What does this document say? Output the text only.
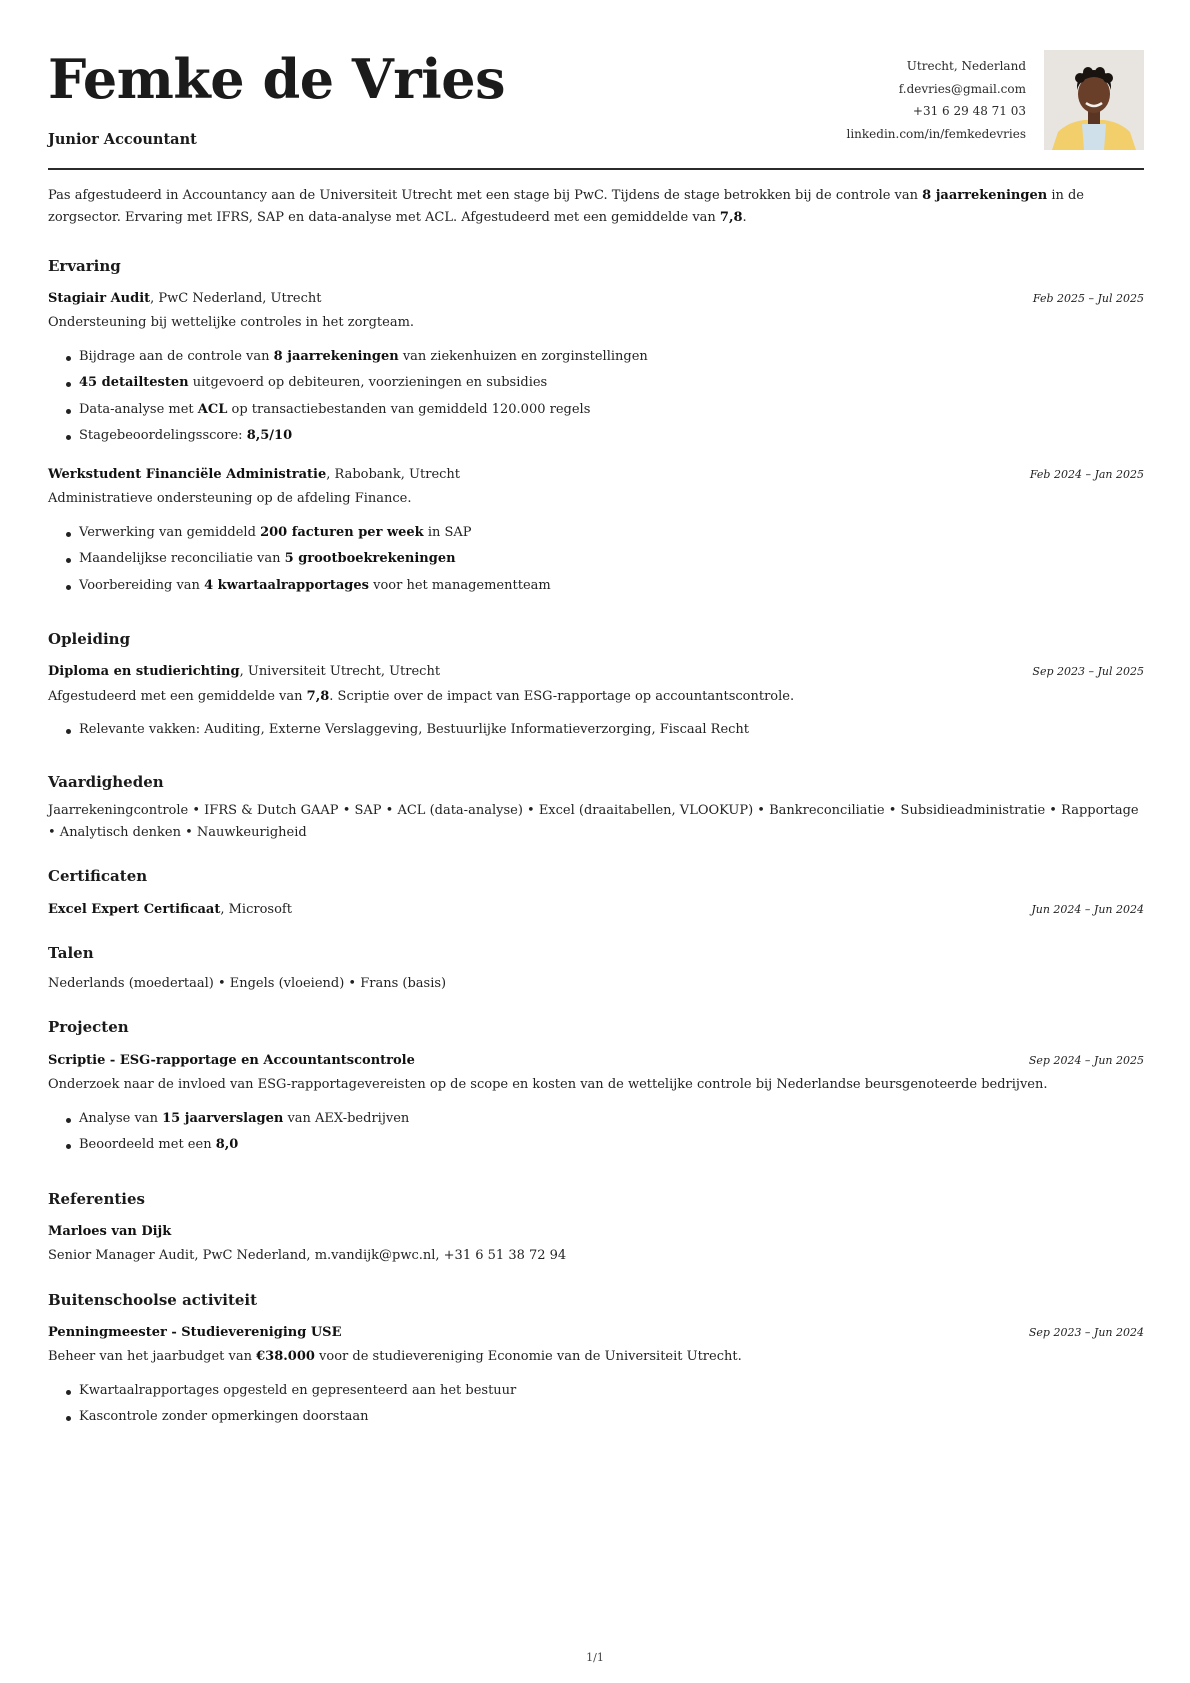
Femke de Vries
Junior Accountant
Utrecht, Nederland
f.devries@gmail.com
+31 6 29 48 71 03
linkedin.com/in/femkedevries

Pas afgestudeerd in Accountancy aan de Universiteit Utrecht met een stage bij PwC. Tijdens de stage betrokken bij de controle van 8 jaarrekeningen in de zorgsector. Ervaring met IFRS, SAP en data-analyse met ACL. Afgestudeerd met een gemiddelde van 7,8.

Ervaring
Stagiair Audit, PwC Nederland, Utrecht	Feb 2025 – Jul 2025
Ondersteuning bij wettelijke controles in het zorgteam.
Bijdrage aan de controle van 8 jaarrekeningen van ziekenhuizen en zorginstellingen
45 detailtesten uitgevoerd op debiteuren, voorzieningen en subsidies
Data-analyse met ACL op transactiebestanden van gemiddeld 120.000 regels
Stagebeoordelingsscore: 8,5/10
Werkstudent Financiële Administratie, Rabobank, Utrecht	Feb 2024 – Jan 2025
Administratieve ondersteuning op de afdeling Finance.
Verwerking van gemiddeld 200 facturen per week in SAP
Maandelijkse reconciliatie van 5 grootboekrekeningen
Voorbereiding van 4 kwartaalrapportages voor het managementteam
Opleiding
Diploma en studierichting, Universiteit Utrecht, Utrecht	Sep 2023 – Jul 2025
Afgestudeerd met een gemiddelde van 7,8. Scriptie over de impact van ESG-rapportage op accountantscontrole.
Relevante vakken: Auditing, Externe Verslaggeving, Bestuurlijke Informatieverzorging, Fiscaal Recht
Vaardigheden
Jaarrekeningcontrole • IFRS & Dutch GAAP • SAP • ACL (data-analyse) • Excel (draaitabellen, VLOOKUP) • Bankreconciliatie • Subsidieadministratie • Rapportage • Analytisch denken • Nauwkeurigheid
Certificaten
Excel Expert Certificaat, Microsoft	Jun 2024 – Jun 2024
Talen
Nederlands (moedertaal) • Engels (vloeiend) • Frans (basis)
Projecten
Scriptie - ESG-rapportage en Accountantscontrole	Sep 2024 – Jun 2025
Onderzoek naar de invloed van ESG-rapportagevereisten op de scope en kosten van de wettelijke controle bij Nederlandse beursgenoteerde bedrijven.
Analyse van 15 jaarverslagen van AEX-bedrijven
Beoordeeld met een 8,0
Referenties
Marloes van Dijk
Senior Manager Audit, PwC Nederland, m.vandijk@pwc.nl, +31 6 51 38 72 94
Buitenschoolse activiteit
Penningmeester - Studievereniging USE	Sep 2023 – Jun 2024
Beheer van het jaarbudget van €38.000 voor de studievereniging Economie van de Universiteit Utrecht.
Kwartaalrapportages opgesteld en gepresenteerd aan het bestuur
Kascontrole zonder opmerkingen doorstaan
1/1
